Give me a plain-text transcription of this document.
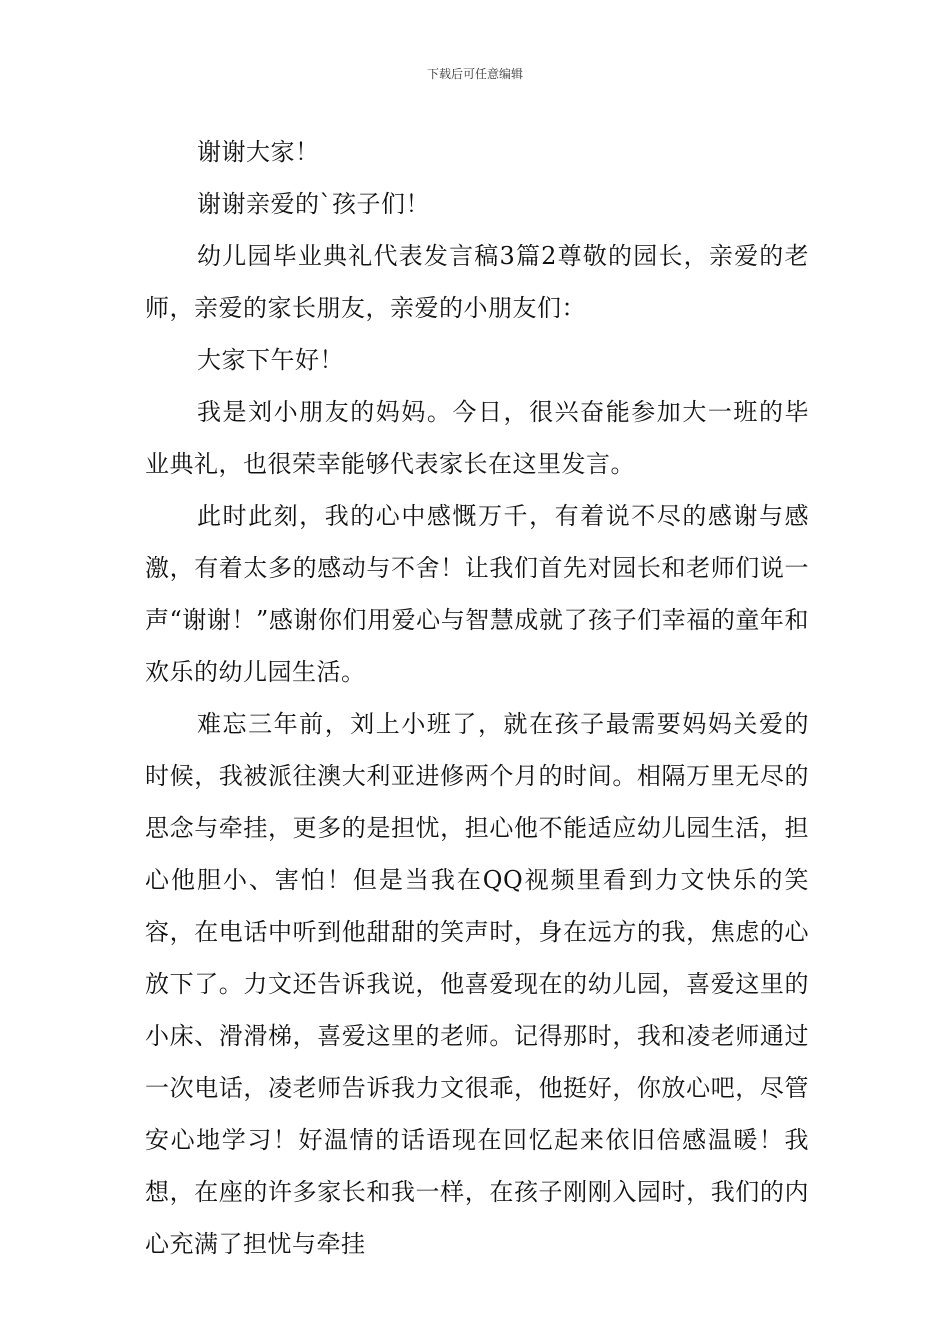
下载后可任意编辑

谢谢大家！

谢谢亲爱的`孩子们！

幼儿园毕业典礼代表发言稿3篇2尊敬的园长，亲爱的老师，亲爱的家长朋友，亲爱的小朋友们：

大家下午好！

我是刘小朋友的妈妈。今日，很兴奋能参加大一班的毕业典礼，也很荣幸能够代表家长在这里发言。

此时此刻，我的心中感慨万千，有着说不尽的感谢与感激，有着太多的感动与不舍！让我们首先对园长和老师们说一声“谢谢！”感谢你们用爱心与智慧成就了孩子们幸福的童年和欢乐的幼儿园生活。

难忘三年前，刘上小班了，就在孩子最需要妈妈关爱的时候，我被派往澳大利亚进修两个月的时间。相隔万里无尽的思念与牵挂，更多的是担忧，担心他不能适应幼儿园生活，担心他胆小、害怕！但是当我在QQ视频里看到力文快乐的笑容，在电话中听到他甜甜的笑声时，身在远方的我，焦虑的心放下了。力文还告诉我说，他喜爱现在的幼儿园，喜爱这里的小床、滑滑梯，喜爱这里的老师。记得那时，我和凌老师通过一次电话，凌老师告诉我力文很乖，他挺好，你放心吧，尽管安心地学习！好温情的话语现在回忆起来依旧倍感温暖！我想，在座的许多家长和我一样，在孩子刚刚入园时，我们的内心充满了担忧与牵挂
